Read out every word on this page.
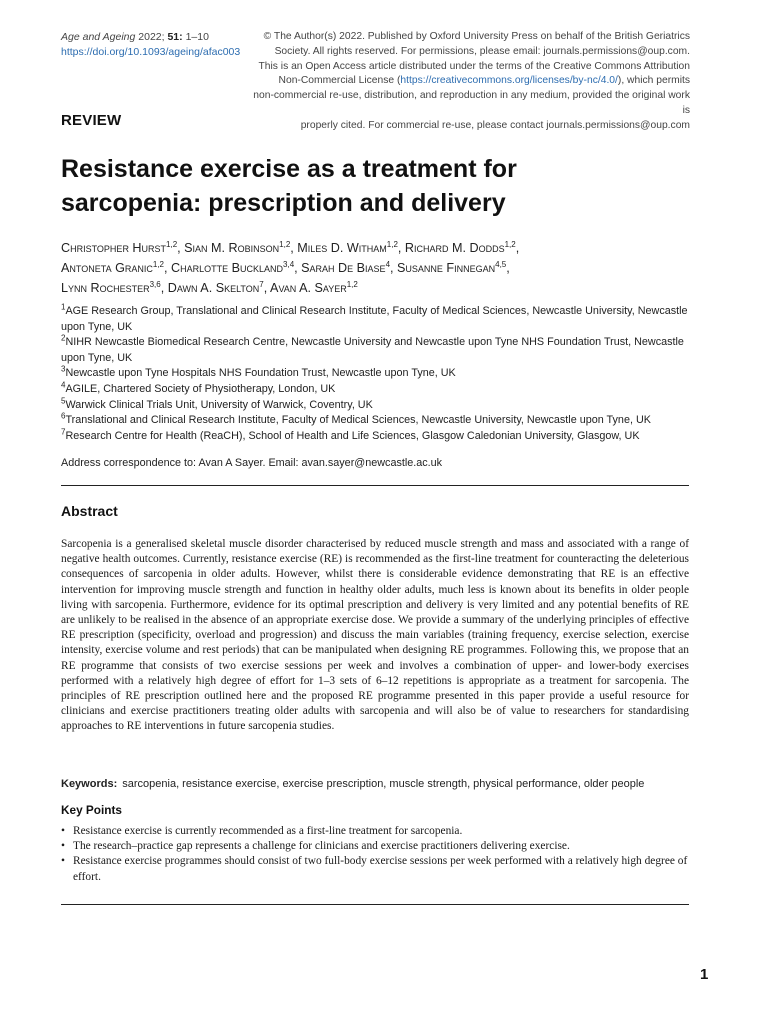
Age and Ageing 2022; 51: 1–10
https://doi.org/10.1093/ageing/afac003
© The Author(s) 2022. Published by Oxford University Press on behalf of the British Geriatrics
Society. All rights reserved. For permissions, please email: journals.permissions@oup.com.
This is an Open Access article distributed under the terms of the Creative Commons Attribution
Non-Commercial License (https://creativecommons.org/licenses/by-nc/4.0/), which permits
non-commercial re-use, distribution, and reproduction in any medium, provided the original work is
properly cited. For commercial re-use, please contact journals.permissions@oup.com
REVIEW
Resistance exercise as a treatment for
sarcopenia: prescription and delivery
Christopher Hurst$^{1,2}$, Sian M. Robinson$^{1,2}$, Miles D. Witham$^{1,2}$, Richard M. Dodds$^{1,2}$,
Antoneta Granic$^{1,2}$, Charlotte Buckland$^{3,4}$, Sarah De Biase$^4$, Susanne Finnegan$^{4,5}$,
Lynn Rochester$^{3,6}$, Dawn A. Skelton$^7$, Avan A. Sayer$^{1,2}$
$^1$AGE Research Group, Translational and Clinical Research Institute, Faculty of Medical Sciences, Newcastle University, Newcastle upon Tyne, UK
$^2$NIHR Newcastle Biomedical Research Centre, Newcastle University and Newcastle upon Tyne NHS Foundation Trust, Newcastle upon Tyne, UK
$^3$Newcastle upon Tyne Hospitals NHS Foundation Trust, Newcastle upon Tyne, UK
$^4$AGILE, Chartered Society of Physiotherapy, London, UK
$^5$Warwick Clinical Trials Unit, University of Warwick, Coventry, UK
$^6$Translational and Clinical Research Institute, Faculty of Medical Sciences, Newcastle University, Newcastle upon Tyne, UK
$^7$Research Centre for Health (ReaCH), School of Health and Life Sciences, Glasgow Caledonian University, Glasgow, UK
Address correspondence to: Avan A Sayer. Email: avan.sayer@newcastle.ac.uk
Abstract
Sarcopenia is a generalised skeletal muscle disorder characterised by reduced muscle strength and mass and associated with a range of negative health outcomes. Currently, resistance exercise (RE) is recommended as the first-line treatment for counteracting the deleterious consequences of sarcopenia in older adults. However, whilst there is considerable evidence demonstrating that RE is an effective intervention for improving muscle strength and function in healthy older adults, much less is known about its benefits in older people living with sarcopenia. Furthermore, evidence for its optimal prescription and delivery is very limited and any potential benefits of RE are unlikely to be realised in the absence of an appropriate exercise dose. We provide a summary of the underlying principles of effective RE prescription (specificity, overload and progression) and discuss the main variables (training frequency, exercise selection, exercise intensity, exercise volume and rest periods) that can be manipulated when designing RE programmes. Following this, we propose that an RE programme that consists of two exercise sessions per week and involves a combination of upper- and lower-body exercises performed with a relatively high degree of effort for 1–3 sets of 6–12 repetitions is appropriate as a treatment for sarcopenia. The principles of RE prescription outlined here and the proposed RE programme presented in this paper provide a useful resource for clinicians and exercise practitioners treating older adults with sarcopenia and will also be of value to researchers for standardising approaches to RE interventions in future sarcopenia studies.
Keywords: sarcopenia, resistance exercise, exercise prescription, muscle strength, physical performance, older people
Key Points
• Resistance exercise is currently recommended as a first-line treatment for sarcopenia.
• The research–practice gap represents a challenge for clinicians and exercise practitioners delivering exercise.
• Resistance exercise programmes should consist of two full-body exercise sessions per week performed with a relatively high degree of effort.
1
